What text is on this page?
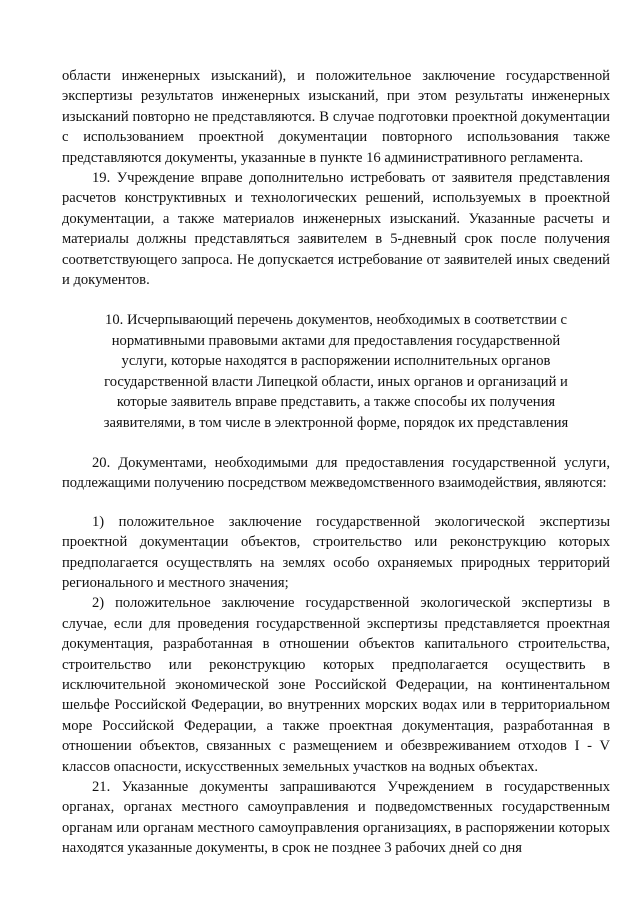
области инженерных изысканий), и положительное заключение государственной экспертизы результатов инженерных изысканий, при этом результаты инженерных изысканий повторно не представляются. В случае подготовки проектной документации с использованием проектной документации повторного использования также представляются документы, указанные в пункте 16 административного регламента.

19. Учреждение вправе дополнительно истребовать от заявителя представления расчетов конструктивных и технологических решений, используемых в проектной документации, а также материалов инженерных изысканий. Указанные расчеты и материалы должны представляться заявителем в 5-дневный срок после получения соответствующего запроса. Не допускается истребование от заявителей иных сведений и документов.

10. Исчерпывающий перечень документов, необходимых в соответствии с нормативными правовыми актами для предоставления государственной услуги, которые находятся в распоряжении исполнительных органов государственной власти Липецкой области, иных органов и организаций и которые заявитель вправе представить, а также способы их получения заявителями, в том числе в электронной форме, порядок их представления

20. Документами, необходимыми для предоставления государственной услуги, подлежащими получению посредством межведомственного взаимодействия, являются:

1) положительное заключение государственной экологической экспертизы проектной документации объектов, строительство или реконструкцию которых предполагается осуществлять на землях особо охраняемых природных территорий регионального и местного значения;

2) положительное заключение государственной экологической экспертизы в случае, если для проведения государственной экспертизы представляется проектная документация, разработанная в отношении объектов капитального строительства, строительство или реконструкцию которых предполагается осуществить в исключительной экономической зоне Российской Федерации, на континентальном шельфе Российской Федерации, во внутренних морских водах или в территориальном море Российской Федерации, а также проектная документация, разработанная в отношении объектов, связанных с размещением и обезвреживанием отходов I - V классов опасности, искусственных земельных участков на водных объектах.

21. Указанные документы запрашиваются Учреждением в государственных органах, органах местного самоуправления и подведомственных государственным органам или органам местного самоуправления организациях, в распоряжении которых находятся указанные документы, в срок не позднее 3 рабочих дней со дня
